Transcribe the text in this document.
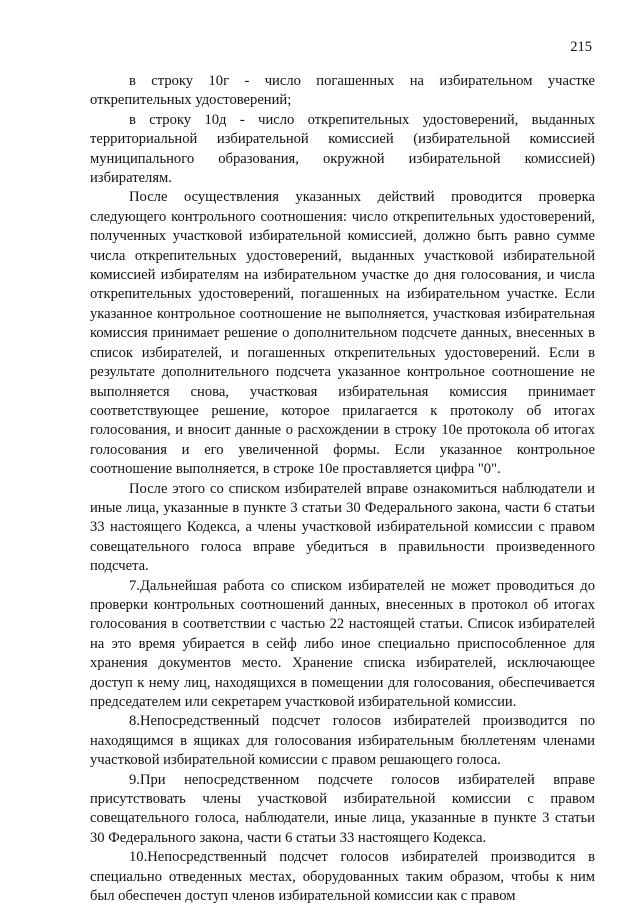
215

в строку 10г - число погашенных на избирательном участке открепительных удостоверений;

в строку 10д - число открепительных удостоверений, выданных территориальной избирательной комиссией (избирательной комиссией муниципального образования, окружной избирательной комиссией) избирателям.

После осуществления указанных действий проводится проверка следующего контрольного соотношения: число открепительных удостоверений, полученных участковой избирательной комиссией, должно быть равно сумме числа открепительных удостоверений, выданных участковой избирательной комиссией избирателям на избирательном участке до дня голосования, и числа открепительных удостоверений, погашенных на избирательном участке. Если указанное контрольное соотношение не выполняется, участковая избирательная комиссия принимает решение о дополнительном подсчете данных, внесенных в список избирателей, и погашенных открепительных удостоверений. Если в результате дополнительного подсчета указанное контрольное соотношение не выполняется снова, участковая избирательная комиссия принимает соответствующее решение, которое прилагается к протоколу об итогах голосования, и вносит данные о расхождении в строку 10е протокола об итогах голосования и его увеличенной формы. Если указанное контрольное соотношение выполняется, в строке 10е проставляется цифра "0".

После этого со списком избирателей вправе ознакомиться наблюдатели и иные лица, указанные в пункте 3 статьи 30 Федерального закона, части 6 статьи 33 настоящего Кодекса, а члены участковой избирательной комиссии с правом совещательного голоса вправе убедиться в правильности произведенного подсчета.

7.Дальнейшая работа со списком избирателей не может проводиться до проверки контрольных соотношений данных, внесенных в протокол об итогах голосования в соответствии с частью 22 настоящей статьи. Список избирателей на это время убирается в сейф либо иное специально приспособленное для хранения документов место. Хранение списка избирателей, исключающее доступ к нему лиц, находящихся в помещении для голосования, обеспечивается председателем или секретарем участковой избирательной комиссии.

8.Непосредственный подсчет голосов избирателей производится по находящимся в ящиках для голосования избирательным бюллетеням членами участковой избирательной комиссии с правом решающего голоса.

9.При непосредственном подсчете голосов избирателей вправе присутствовать члены участковой избирательной комиссии с правом совещательного голоса, наблюдатели, иные лица, указанные в пункте 3 статьи 30 Федерального закона, части 6 статьи 33 настоящего Кодекса.

10.Непосредственный подсчет голосов избирателей производится в специально отведенных местах, оборудованных таким образом, чтобы к ним был обеспечен доступ членов избирательной комиссии как с правом
